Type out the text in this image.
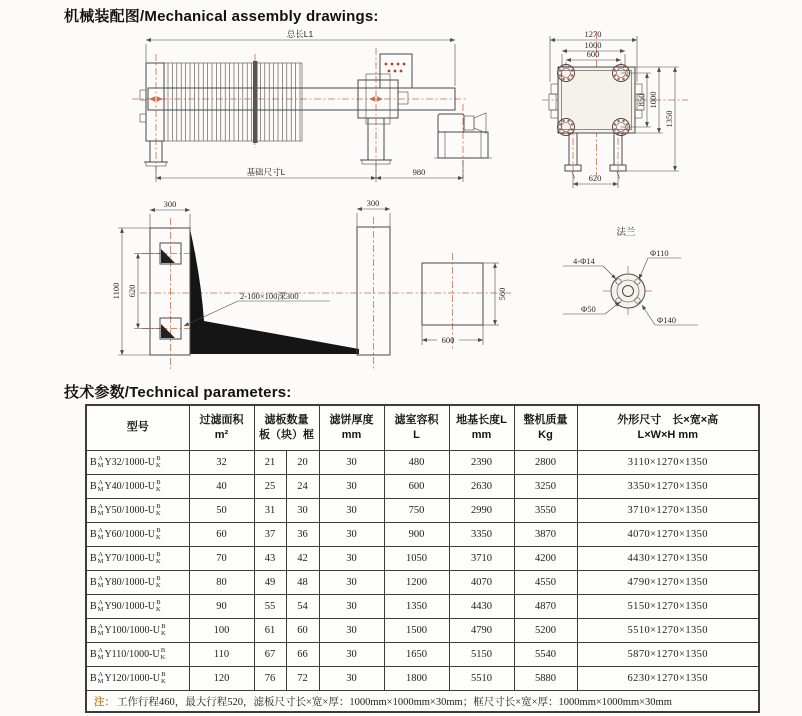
机械装配图/Mechanical assembly drawings:
技术参数/Technical parameters:
总长L1
基础尺寸L	980
1270
1000
600
850 1000
1350
620
300
1100 620	2-100×100深300
300
560
600
法兰
4-Φ14
Φ110
Φ50
Φ140
型号

过滤面积
m²

滤板数量
板（块）框

滤饼厚度
mm

滤室容积
L

地基长度L
mm

整机质量
Kg

外形尺寸　长×宽×高
L×W×H mm

B A
M Y32/1000-U B
K	32	21	20	30	480	2390	2800	3110×1270×1350

B A
M Y40/1000-U B
K	40	25	24	30	600	2630	3250	3350×1270×1350

B A
M Y50/1000-U B
K	50	31	30	30	750	2990	3550	3710×1270×1350

B A
M Y60/1000-U B
K	60	37	36	30	900	3350	3870	4070×1270×1350

B A
M Y70/1000-U B
K	70	43	42	30	1050	3710	4200	4430×1270×1350

B A
M Y80/1000-U B
K	80	49	48	30	1200	4070	4550	4790×1270×1350

B A
M Y90/1000-U B
K	90	55	54	30	1350	4430	4870	5150×1270×1350

B A
M Y100/1000-U B
K	100	61	60	30	1500	4790	5200	5510×1270×1350

B A
M Y110/1000-U B
K	110	67	66	30	1650	5150	5540	5870×1270×1350

B A
M Y120/1000-U B
K	120	76	72	30	1800	5510	5880	6230×1270×1350
注： 工作行程460，最大行程520，滤板尺寸长×宽×厚：1000mm×1000mm×30mm；框尺寸长×宽×厚：1000mm×1000mm×30mm								
